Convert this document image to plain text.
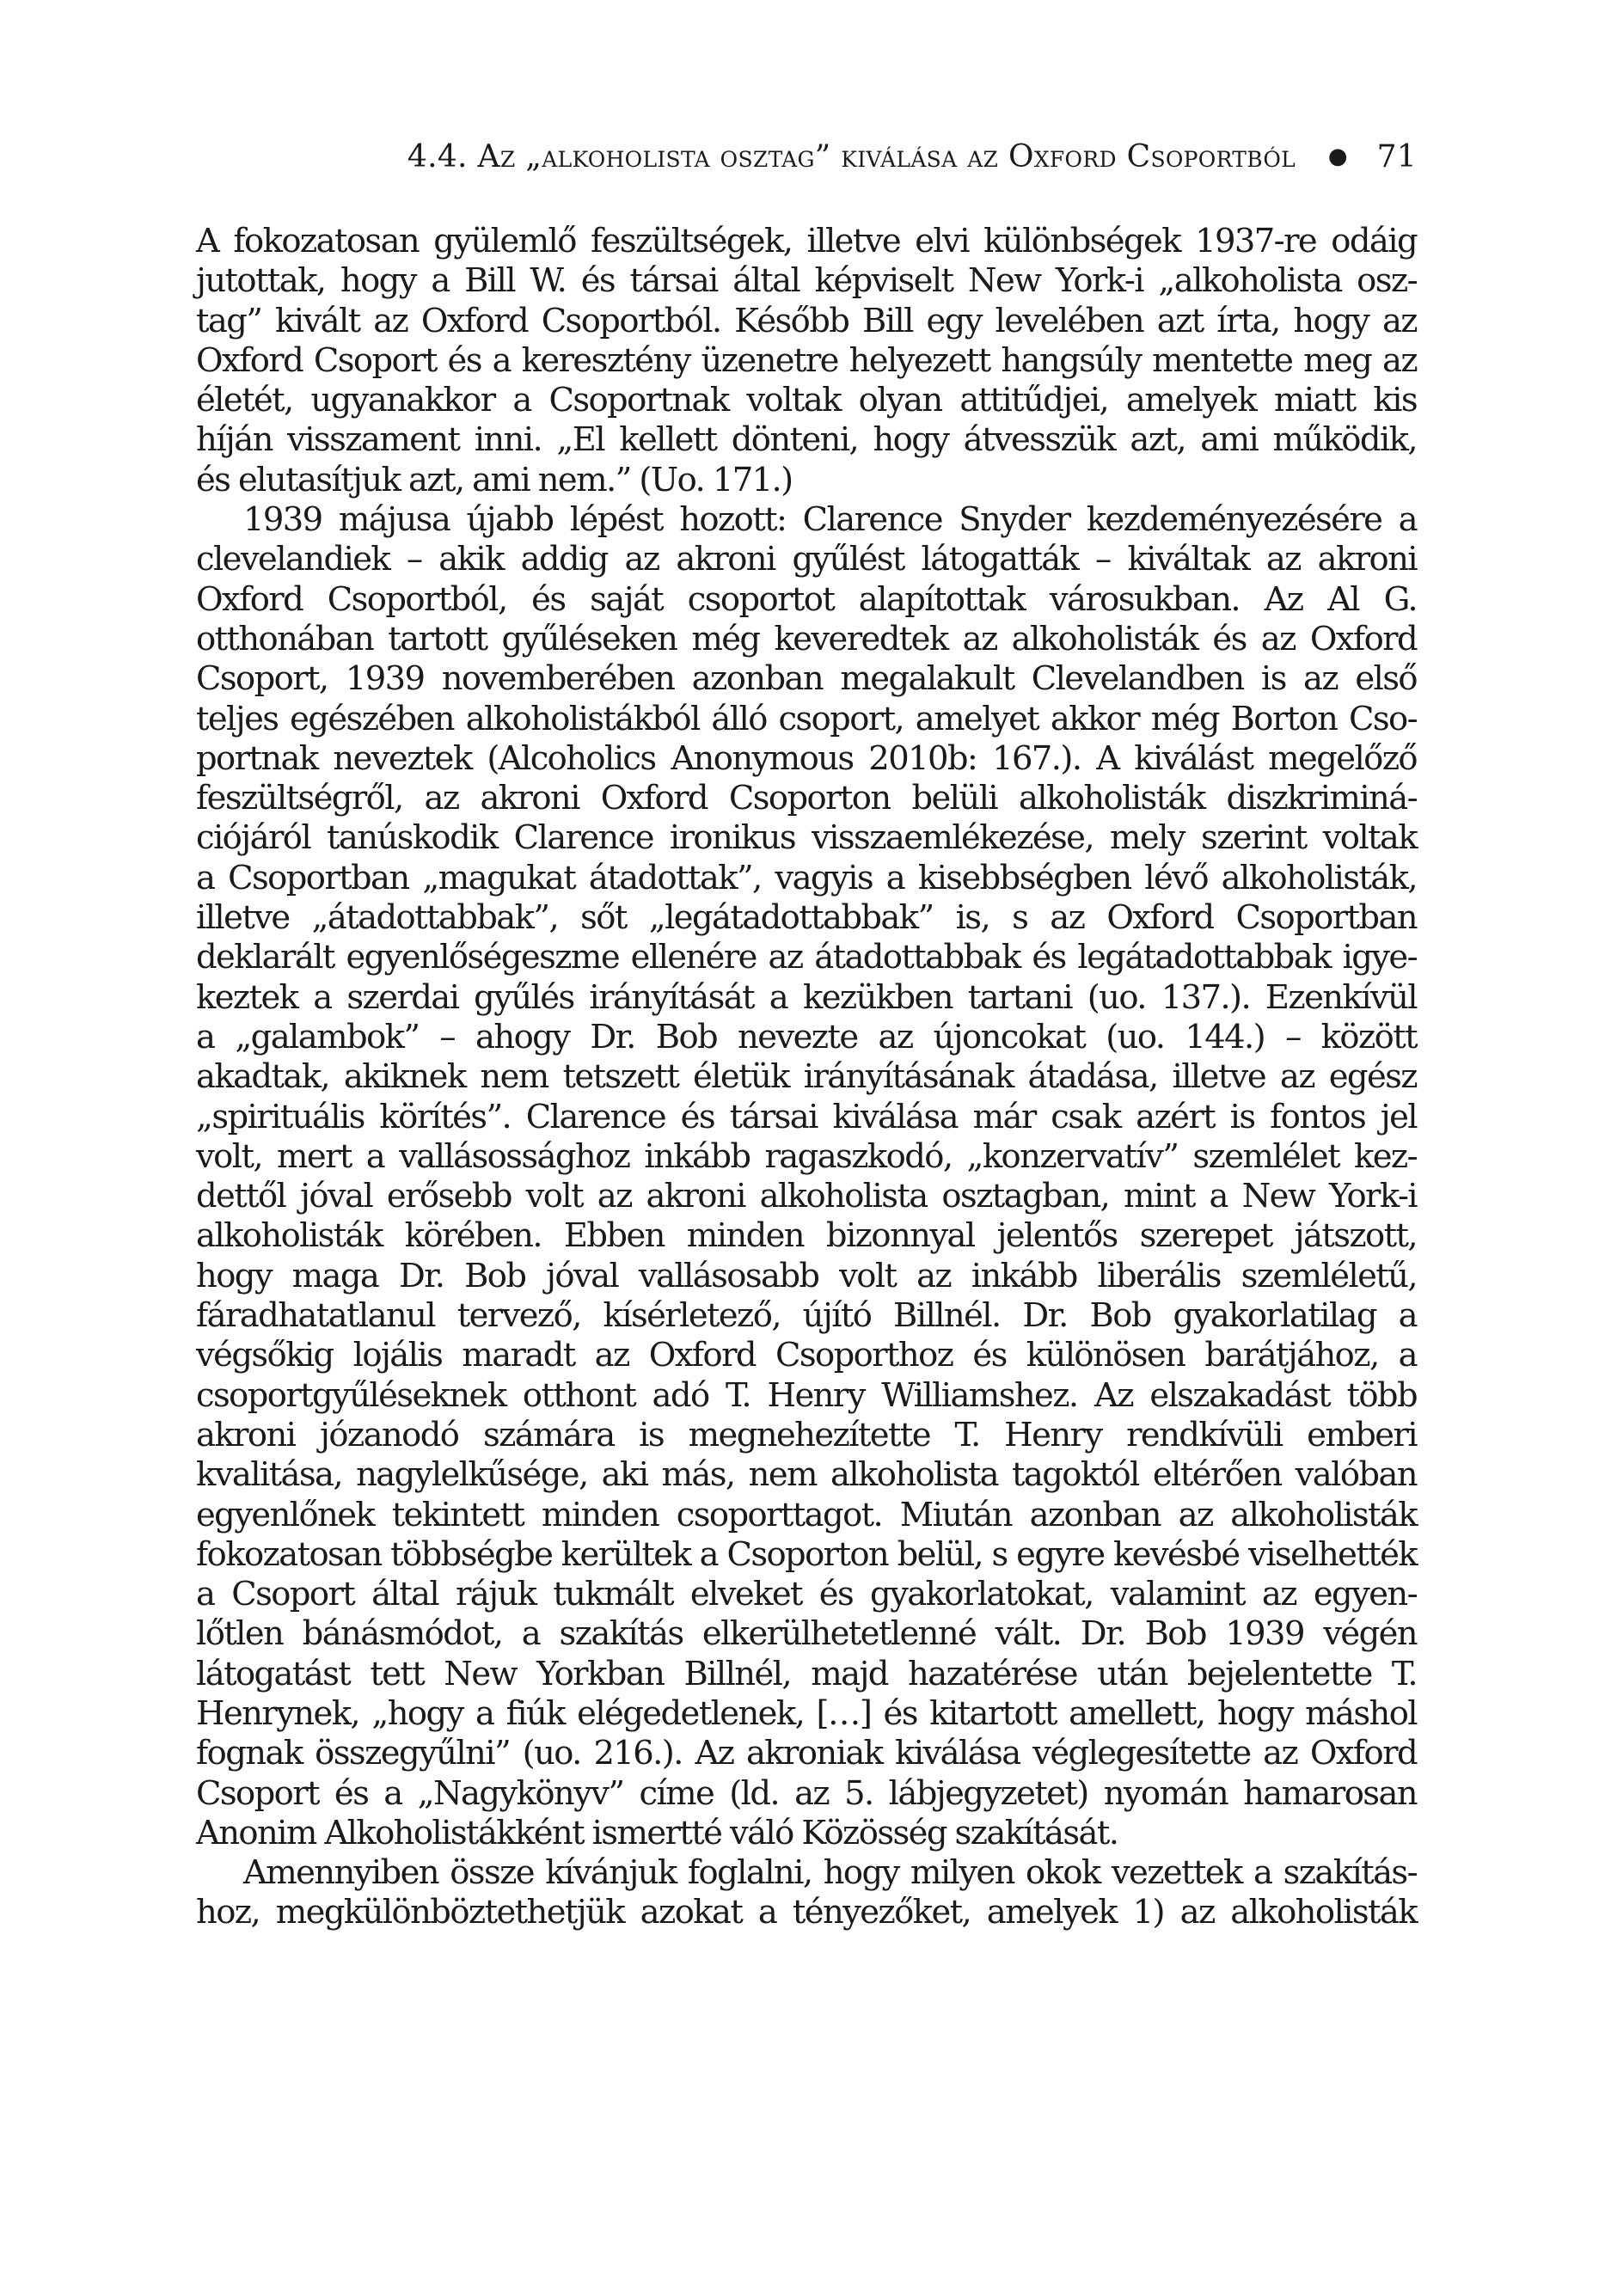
4.4. Az „alkoholista osztag” kiválása az Oxford Csoportból ● 71
A fokozatosan gyülemlő feszültségek, illetve elvi különbségek 1937-re odáig
jutottak, hogy a Bill W. és társai által képviselt New York-i „alkoholista osz-
tag” kivált az Oxford Csoportból. Később Bill egy levelében azt írta, hogy az
Oxford Csoport és a keresztény üzenetre helyezett hangsúly mentette meg az
életét, ugyanakkor a Csoportnak voltak olyan attitűdjei, amelyek miatt kis
híján visszament inni. „El kellett dönteni, hogy átvesszük azt, ami működik,
és elutasítjuk azt, ami nem.” (Uo. 171.)
1939 májusa újabb lépést hozott: Clarence Snyder kezdeményezésére a
clevelandiek – akik addig az akroni gyűlést látogatták – kiváltak az akroni
Oxford Csoportból, és saját csoportot alapítottak városukban. Az Al G.
otthonában tartott gyűléseken még keveredtek az alkoholisták és az Oxford
Csoport, 1939 novemberében azonban megalakult Clevelandben is az első
teljes egészében alkoholistákból álló csoport, amelyet akkor még Borton Cso-
portnak neveztek (Alcoholics Anonymous 2010b: 167.). A kiválást megelőző
feszültségről, az akroni Oxford Csoporton belüli alkoholisták diszkriminá-
ciójáról tanúskodik Clarence ironikus visszaemlékezése, mely szerint voltak
a Csoportban „magukat átadottak”, vagyis a kisebbségben lévő alkoholisták,
illetve „átadottabbak”, sőt „legátadottabbak” is, s az Oxford Csoportban
deklarált egyenlőségeszme ellenére az átadottabbak és legátadottabbak igye-
keztek a szerdai gyűlés irányítását a kezükben tartani (uo. 137.). Ezenkívül
a „galambok” – ahogy Dr. Bob nevezte az újoncokat (uo. 144.) – között
akadtak, akiknek nem tetszett életük irányításának átadása, illetve az egész
„spirituális körítés”. Clarence és társai kiválása már csak azért is fontos jel
volt, mert a vallásossághoz inkább ragaszkodó, „konzervatív” szemlélet kez-
dettől jóval erősebb volt az akroni alkoholista osztagban, mint a New York-i
alkoholisták körében. Ebben minden bizonnyal jelentős szerepet játszott,
hogy maga Dr. Bob jóval vallásosabb volt az inkább liberális szemléletű,
fáradhatatlanul tervező, kísérletező, újító Billnél. Dr. Bob gyakorlatilag a
végsőkig lojális maradt az Oxford Csoporthoz és különösen barátjához, a
csoportgyűléseknek otthont adó T. Henry Williamshez. Az elszakadást több
akroni józanodó számára is megnehezítette T. Henry rendkívüli emberi
kvalitása, nagylelkűsége, aki más, nem alkoholista tagoktól eltérően valóban
egyenlőnek tekintett minden csoporttagot. Miután azonban az alkoholisták
fokozatosan többségbe kerültek a Csoporton belül, s egyre kevésbé viselhették
a Csoport által rájuk tukmált elveket és gyakorlatokat, valamint az egyen-
lőtlen bánásmódot, a szakítás elkerülhetetlenné vált. Dr. Bob 1939 végén
látogatást tett New Yorkban Billnél, majd hazatérése után bejelentette T.
Henrynek, „hogy a fiúk elégedetlenek, […] és kitartott amellett, hogy máshol
fognak összegyűlni” (uo. 216.). Az akroniak kiválása véglegesítette az Oxford
Csoport és a „Nagykönyv” címe (ld. az 5. lábjegyzetet) nyomán hamarosan
Anonim Alkoholistákként ismertté váló Közösség szakítását.
Amennyiben össze kívánjuk foglalni, hogy milyen okok vezettek a szakítás-
hoz, megkülönböztethetjük azokat a tényezőket, amelyek 1) az alkoholisták
